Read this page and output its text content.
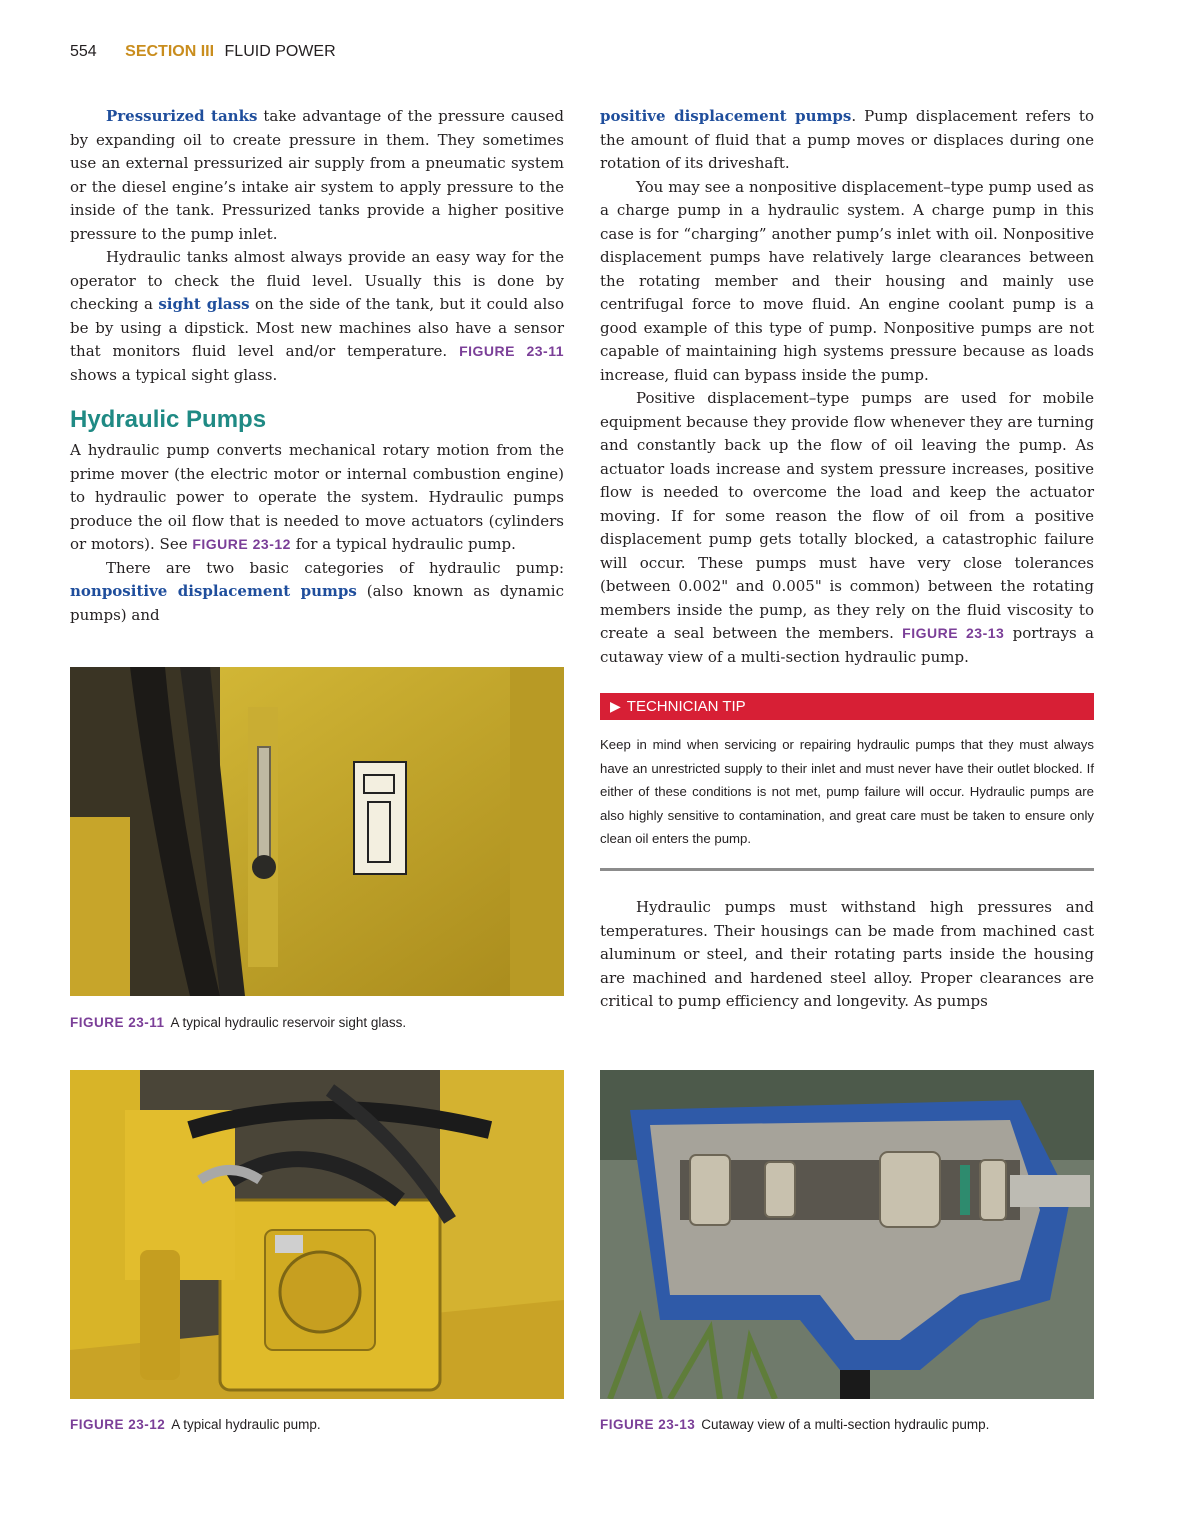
554 SECTION III FLUID POWER

Pressurized tanks take advantage of the pressure caused by expanding oil to create pressure in them. They sometimes use an external pressurized air supply from a pneumatic system or the diesel engine’s intake air system to apply pressure to the inside of the tank. Pressurized tanks provide a higher positive pressure to the pump inlet.

Hydraulic tanks almost always provide an easy way for the operator to check the fluid level. Usually this is done by checking a sight glass on the side of the tank, but it could also be by using a dipstick. Most new machines also have a sensor that monitors fluid level and/or temperature. FIGURE 23-11 shows a typical sight glass.

Hydraulic Pumps

A hydraulic pump converts mechanical rotary motion from the prime mover (the electric motor or internal combustion engine) to hydraulic power to operate the system. Hydraulic pumps produce the oil flow that is needed to move actuators (cylinders or motors). See FIGURE 23-12 for a typical hydraulic pump.

There are two basic categories of hydraulic pump: nonpositive displacement pumps (also known as dynamic pumps) and

positive displacement pumps. Pump displacement refers to the amount of fluid that a pump moves or displaces during one rotation of its driveshaft.

You may see a nonpositive displacement–type pump used as a charge pump in a hydraulic system. A charge pump in this case is for “charging” another pump’s inlet with oil. Nonpositive displacement pumps have relatively large clearances between the rotating member and their housing and mainly use centrifugal force to move fluid. An engine coolant pump is a good example of this type of pump. Nonpositive pumps are not capable of maintaining high systems pressure because as loads increase, fluid can bypass inside the pump.

Positive displacement–type pumps are used for mobile equipment because they provide flow whenever they are turning and constantly back up the flow of oil leaving the pump. As actuator loads increase and system pressure increases, positive flow is needed to overcome the load and keep the actuator moving. If for some reason the flow of oil from a positive displacement pump gets totally blocked, a catastrophic failure will occur. These pumps must have very close tolerances (between 0.002" and 0.005" is common) between the rotating members inside the pump, as they rely on the fluid viscosity to create a seal between the members. FIGURE 23-13 portrays a cutaway view of a multi-section hydraulic pump.

▶ TECHNICIAN TIP
Keep in mind when servicing or repairing hydraulic pumps that they must always have an unrestricted supply to their inlet and must never have their outlet blocked. If either of these conditions is not met, pump failure will occur. Hydraulic pumps are also highly sensitive to contamination, and great care must be taken to ensure only clean oil enters the pump.

Hydraulic pumps must withstand high pressures and temperatures. Their housings can be made from machined cast aluminum or steel, and their rotating parts inside the housing are machined and hardened steel alloy. Proper clearances are critical to pump efficiency and longevity. As pumps

FIGURE 23-11 A typical hydraulic reservoir sight glass.
FIGURE 23-12 A typical hydraulic pump.	FIGURE 23-13 Cutaway view of a multi-section hydraulic pump.
